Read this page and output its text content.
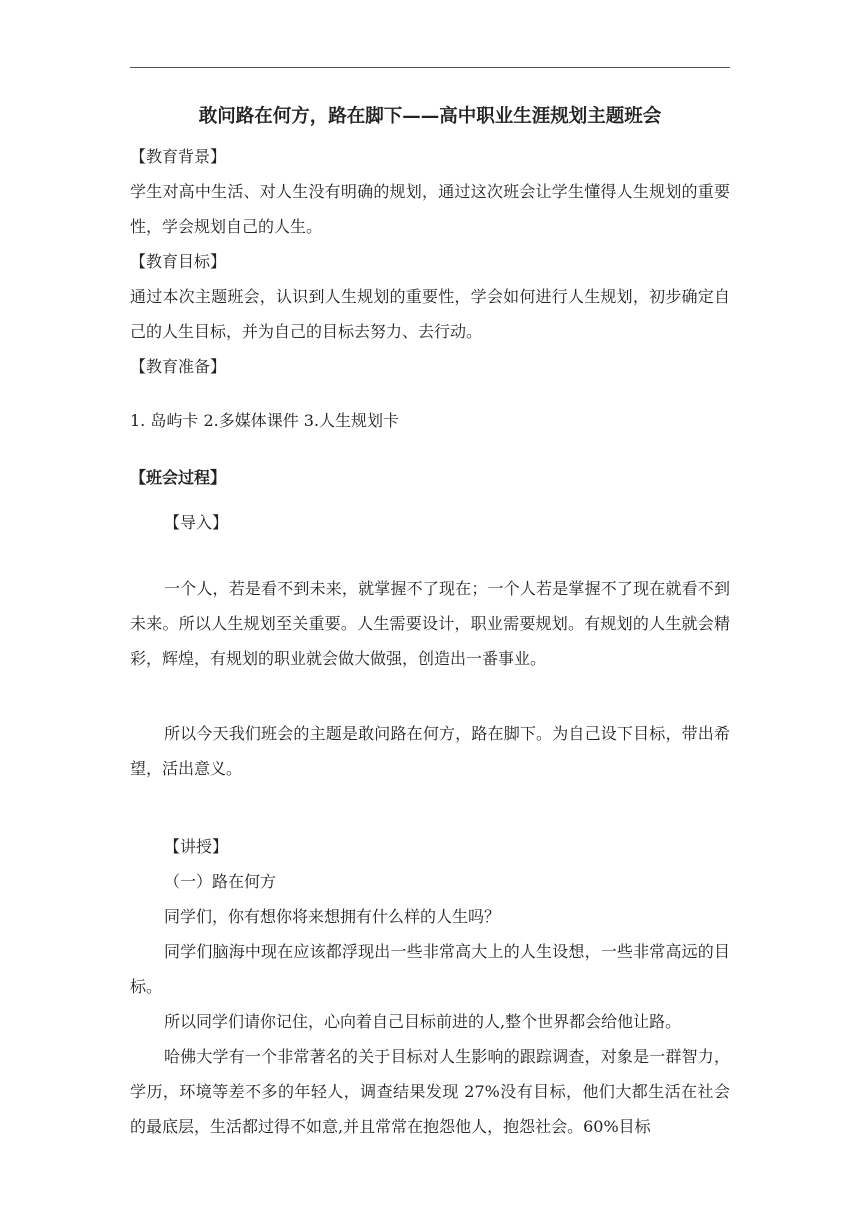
敢问路在何方，路在脚下——高中职业生涯规划主题班会

【教育背景】

学生对高中生活、对人生没有明确的规划，通过这次班会让学生懂得人生规划的重要性，学会规划自己的人生。

【教育目标】

通过本次主题班会，认识到人生规划的重要性，学会如何进行人生规划，初步确定自己的人生目标，并为自己的目标去努力、去行动。

【教育准备】

1. 岛屿卡 2.多媒体课件 3.人生规划卡

【班会过程】

【导入】

一个人，若是看不到未来，就掌握不了现在；一个人若是掌握不了现在就看不到未来。所以人生规划至关重要。人生需要设计，职业需要规划。有规划的人生就会精彩，辉煌，有规划的职业就会做大做强，创造出一番事业。

所以今天我们班会的主题是敢问路在何方，路在脚下。为自己设下目标，带出希望，活出意义。

【讲授】

（一）路在何方

同学们，你有想你将来想拥有什么样的人生吗？

同学们脑海中现在应该都浮现出一些非常高大上的人生设想，一些非常高远的目标。

所以同学们请你记住，心向着自己目标前进的人,整个世界都会给他让路。

哈佛大学有一个非常著名的关于目标对人生影响的跟踪调查，对象是一群智力，学历，环境等差不多的年轻人，调查结果发现 27%没有目标，他们大都生活在社会的最底层，生活都过得不如意,并且常常在抱怨他人，抱怨社会。60%目标
